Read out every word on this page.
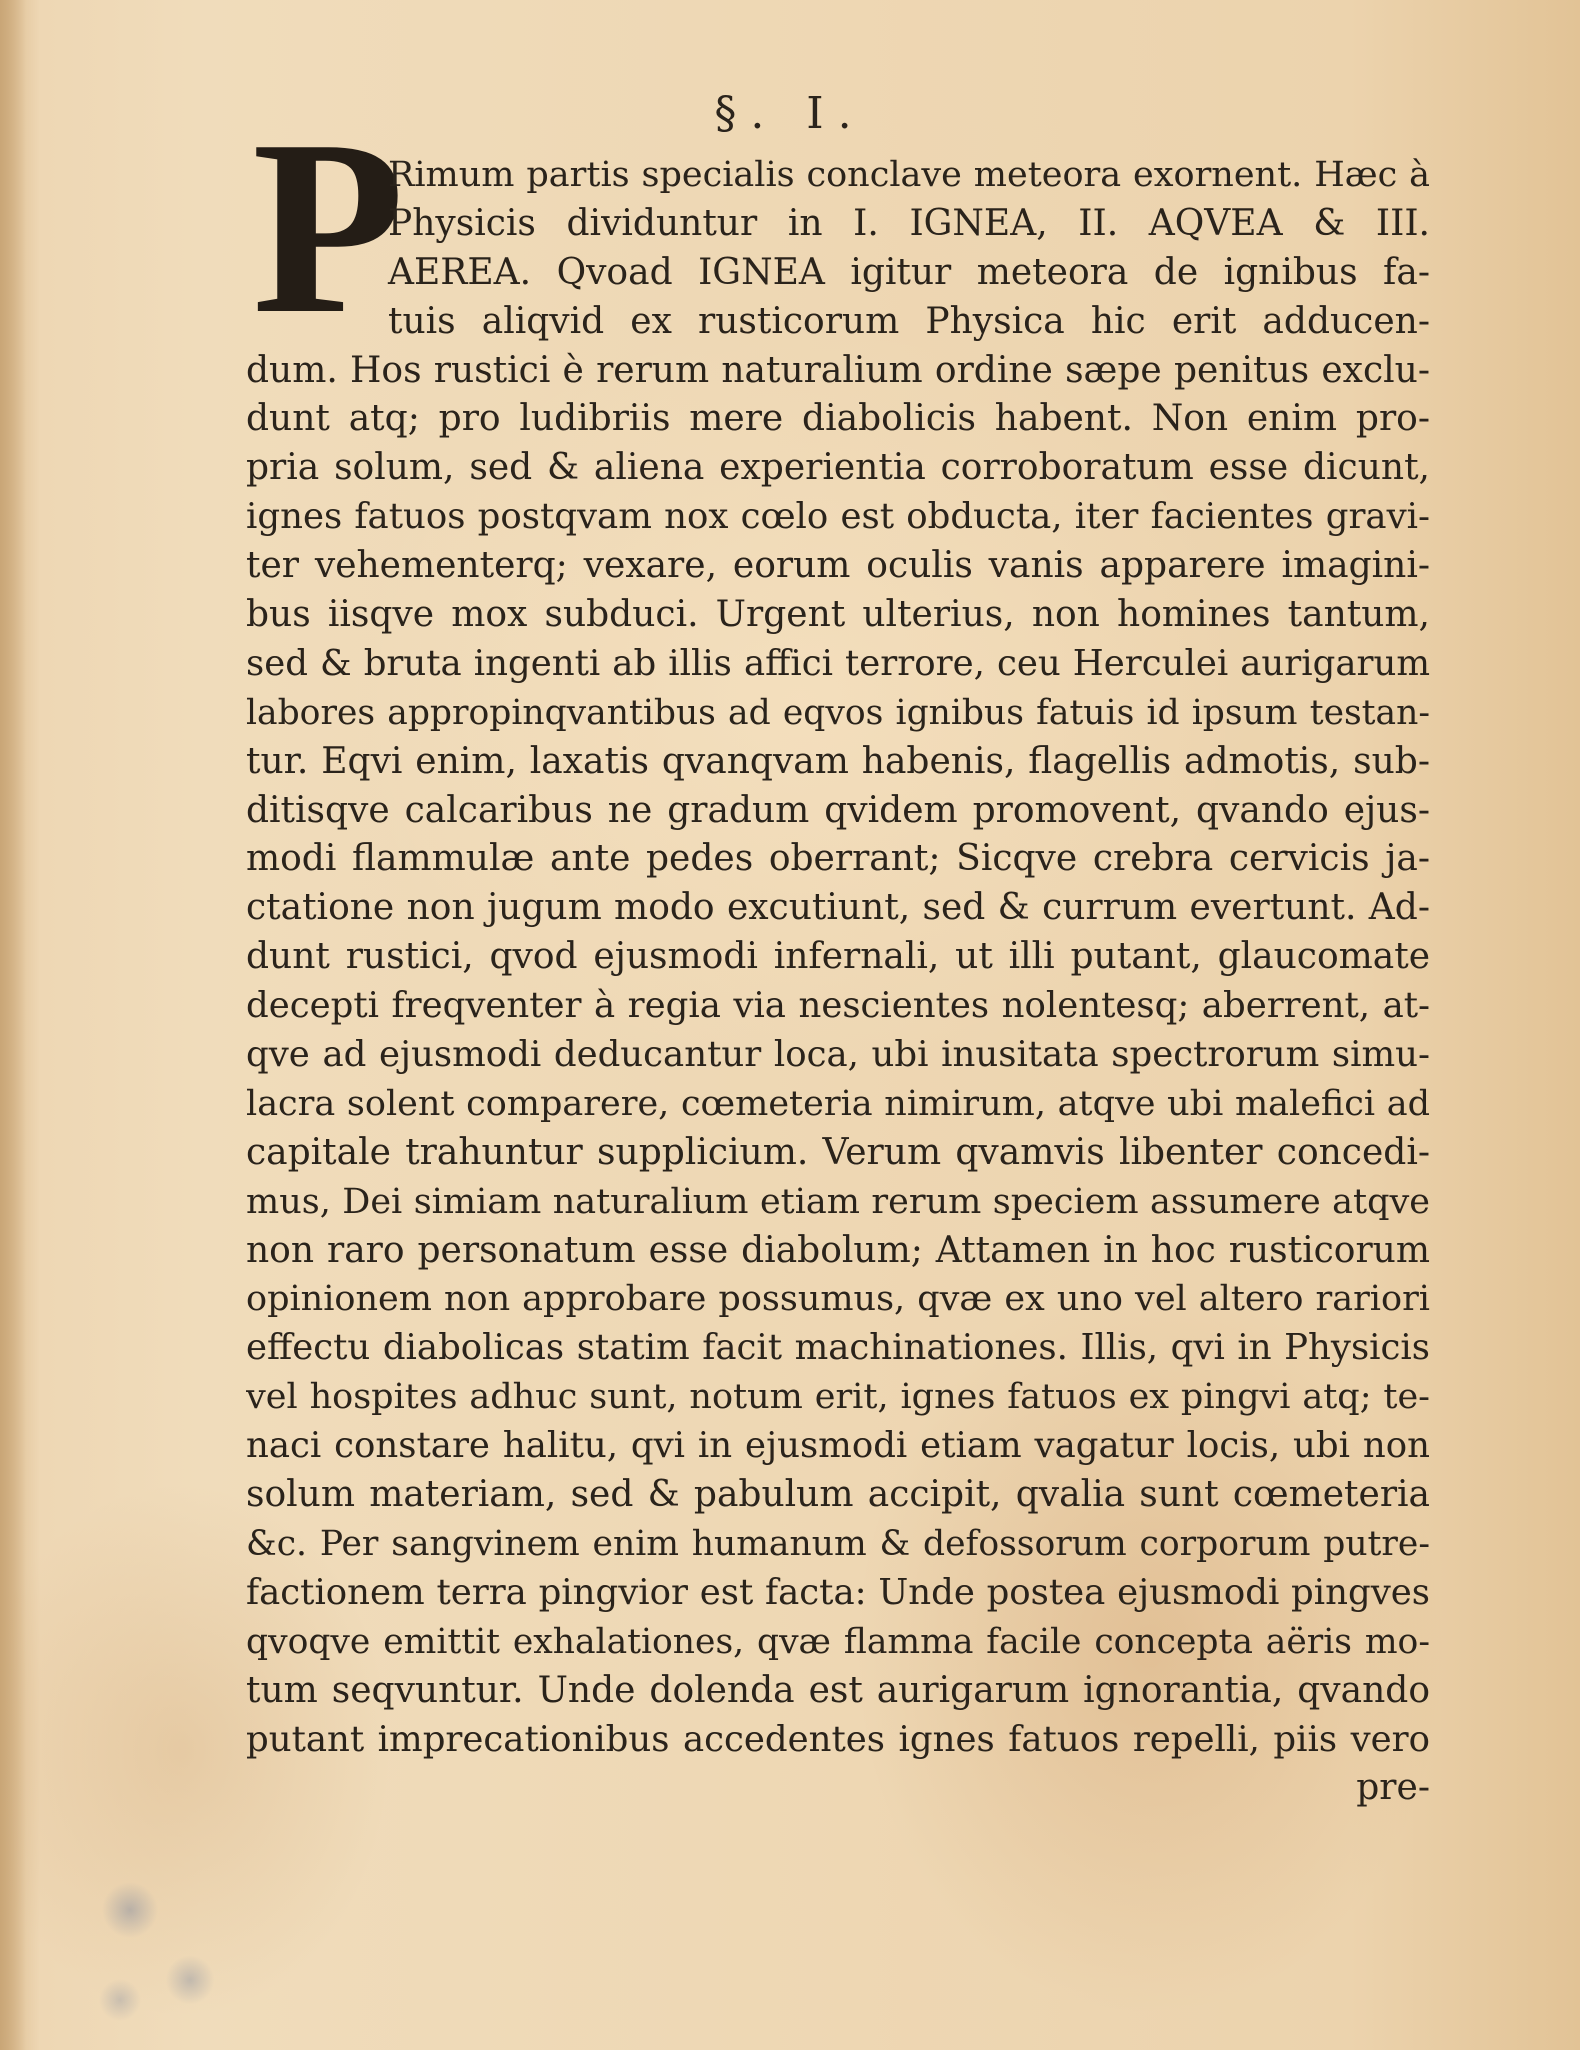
§. I.
P
Rimum partis specialis conclave meteora exornent. Hæc à
Physicis dividuntur in I. IGNEA, II. AQVEA & III.
AEREA. Qvoad IGNEA igitur meteora de ignibus fa-
tuis aliqvid ex rusticorum Physica hic erit adducen-
dum. Hos rustici è rerum naturalium ordine sæpe penitus exclu-
dunt atq; pro ludibriis mere diabolicis habent. Non enim pro-
pria solum, sed & aliena experientia corroboratum esse dicunt,
ignes fatuos postqvam nox cœlo est obducta, iter facientes gravi-
ter vehementerq; vexare, eorum oculis vanis apparere imagini-
bus iisqve mox subduci. Urgent ulterius, non homines tantum,
sed & bruta ingenti ab illis affici terrore, ceu Herculei aurigarum
labores appropinqvantibus ad eqvos ignibus fatuis id ipsum testan-
tur. Eqvi enim, laxatis qvanqvam habenis, flagellis admotis, sub-
ditisqve calcaribus ne gradum qvidem promovent, qvando ejus-
modi flammulæ ante pedes oberrant; Sicqve crebra cervicis ja-
ctatione non jugum modo excutiunt, sed & currum evertunt. Ad-
dunt rustici, qvod ejusmodi infernali, ut illi putant, glaucomate
decepti freqventer à regia via nescientes nolentesq; aberrent, at-
qve ad ejusmodi deducantur loca, ubi inusitata spectrorum simu-
lacra solent comparere, cœmeteria nimirum, atqve ubi malefici ad
capitale trahuntur supplicium. Verum qvamvis libenter concedi-
mus, Dei simiam naturalium etiam rerum speciem assumere atqve
non raro personatum esse diabolum; Attamen in hoc rusticorum
opinionem non approbare possumus, qvæ ex uno vel altero rariori
effectu diabolicas statim facit machinationes. Illis, qvi in Physicis
vel hospites adhuc sunt, notum erit, ignes fatuos ex pingvi atq; te-
naci constare halitu, qvi in ejusmodi etiam vagatur locis, ubi non
solum materiam, sed & pabulum accipit, qvalia sunt cœmeteria
&c. Per sangvinem enim humanum & defossorum corporum putre-
factionem terra pingvior est facta: Unde postea ejusmodi pingves
qvoqve emittit exhalationes, qvæ flamma facile concepta aëris mo-
tum seqvuntur. Unde dolenda est aurigarum ignorantia, qvando
putant imprecationibus accedentes ignes fatuos repelli, piis vero
pre-
